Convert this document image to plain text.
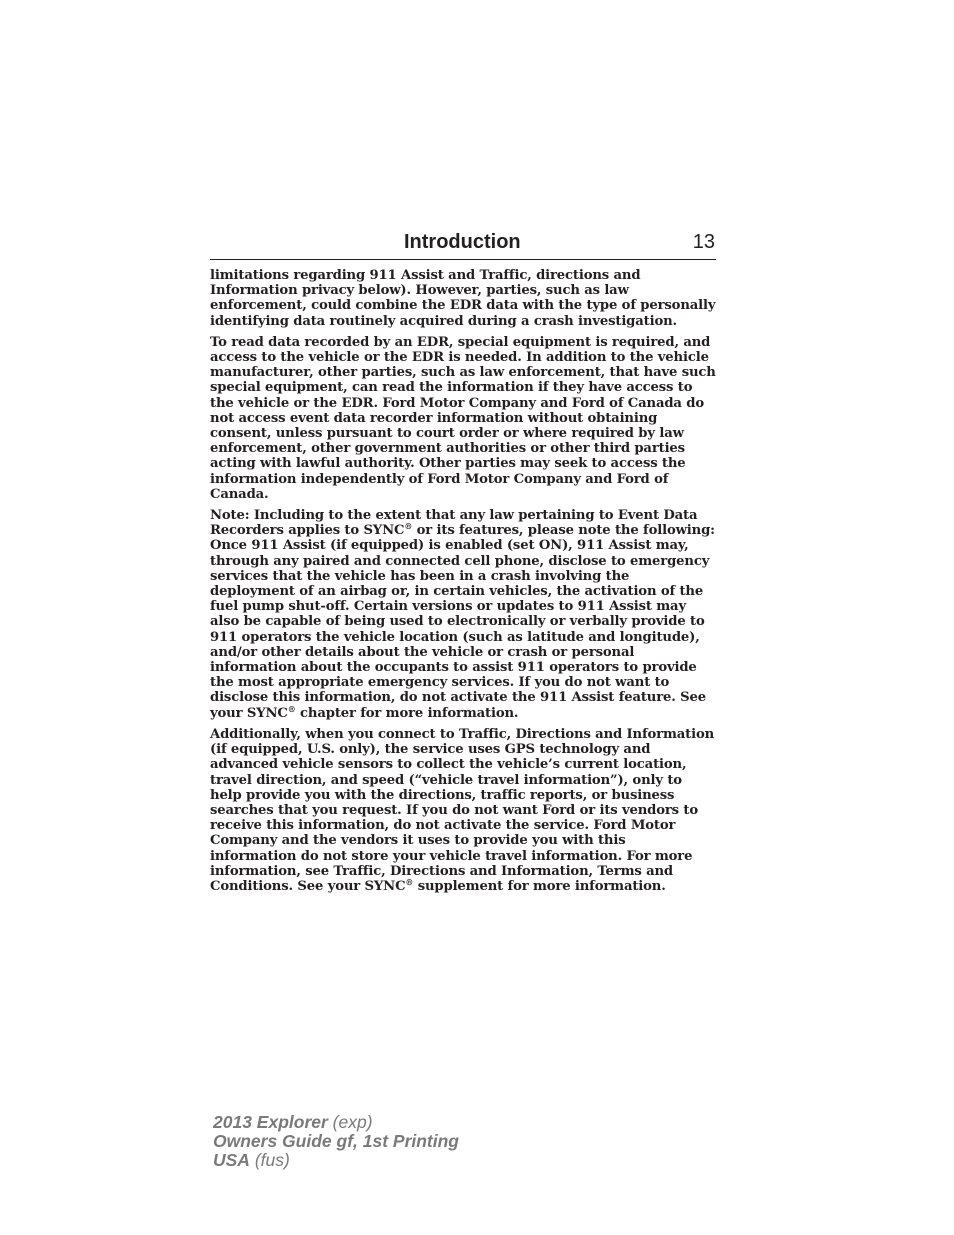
Introduction	13

limitations regarding 911 Assist and Traffic, directions and Information privacy below). However, parties, such as law enforcement, could combine the EDR data with the type of personally identifying data routinely acquired during a crash investigation.

To read data recorded by an EDR, special equipment is required, and access to the vehicle or the EDR is needed. In addition to the vehicle manufacturer, other parties, such as law enforcement, that have such special equipment, can read the information if they have access to the vehicle or the EDR. Ford Motor Company and Ford of Canada do not access event data recorder information without obtaining consent, unless pursuant to court order or where required by law enforcement, other government authorities or other third parties acting with lawful authority. Other parties may seek to access the information independently of Ford Motor Company and Ford of Canada.

Note: Including to the extent that any law pertaining to Event Data Recorders applies to SYNC® or its features, please note the following: Once 911 Assist (if equipped) is enabled (set ON), 911 Assist may, through any paired and connected cell phone, disclose to emergency services that the vehicle has been in a crash involving the deployment of an airbag or, in certain vehicles, the activation of the fuel pump shut-off. Certain versions or updates to 911 Assist may also be capable of being used to electronically or verbally provide to 911 operators the vehicle location (such as latitude and longitude), and/or other details about the vehicle or crash or personal information about the occupants to assist 911 operators to provide the most appropriate emergency services. If you do not want to disclose this information, do not activate the 911 Assist feature. See your SYNC® chapter for more information.

Additionally, when you connect to Traffic, Directions and Information (if equipped, U.S. only), the service uses GPS technology and advanced vehicle sensors to collect the vehicle’s current location, travel direction, and speed (“vehicle travel information”), only to help provide you with the directions, traffic reports, or business searches that you request. If you do not want Ford or its vendors to receive this information, do not activate the service. Ford Motor Company and the vendors it uses to provide you with this information do not store your vehicle travel information. For more information, see Traffic, Directions and Information, Terms and Conditions. See your SYNC® supplement for more information.

2013 Explorer (exp)
Owners Guide gf, 1st Printing
USA (fus)
